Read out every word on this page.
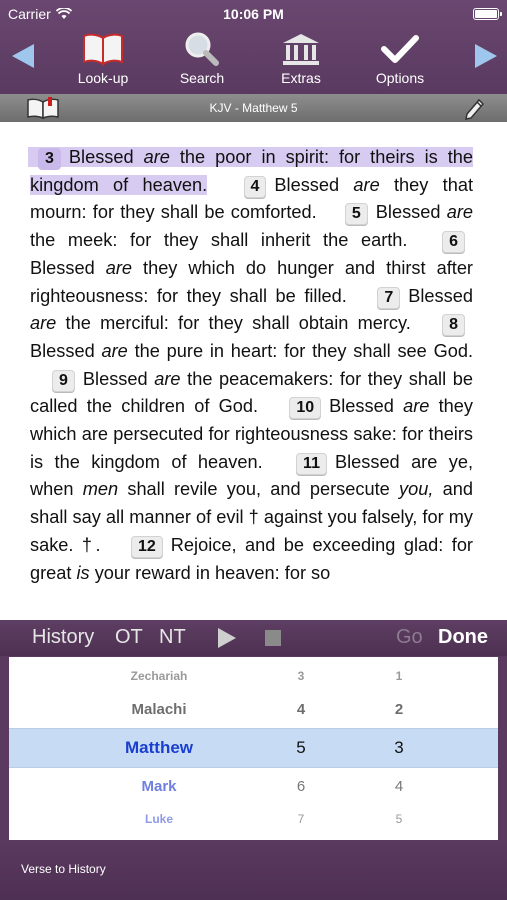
Carrier	10:06 PM
Look-up	Search	Extras	Options
KJV - Matthew 5
3 Blessed are the poor in spirit: for theirs is the kingdom of heaven.	4 Blessed are they that mourn: for they shall be comforted. 5 Blessed are the meek: for they shall inherit the earth.	6Blessed are they which do hunger and thirst after righteousness: for they shall be filled. 7 Blessed are the merciful: for they shall obtain mercy. 8Blessed are the pure in heart: for they shall see God. 9 Blessed are the peacemakers: for they shall be called the children of God. 10 Blessed are they which are persecuted for righteousness sake: for theirs is the kingdom of heaven.	11 Blessed are ye, when men shall revile you, and persecute you, and shall say all manner of evil † against you falsely, for my sake. †. 12 Rejoice, and be exceeding glad: for great is your reward in heaven: for so
History OT NT	Go Done
Zechariah	3	1
Malachi	4	2
Matthew	5	3
Mark	6	4
Luke	7	5
Verse to History
